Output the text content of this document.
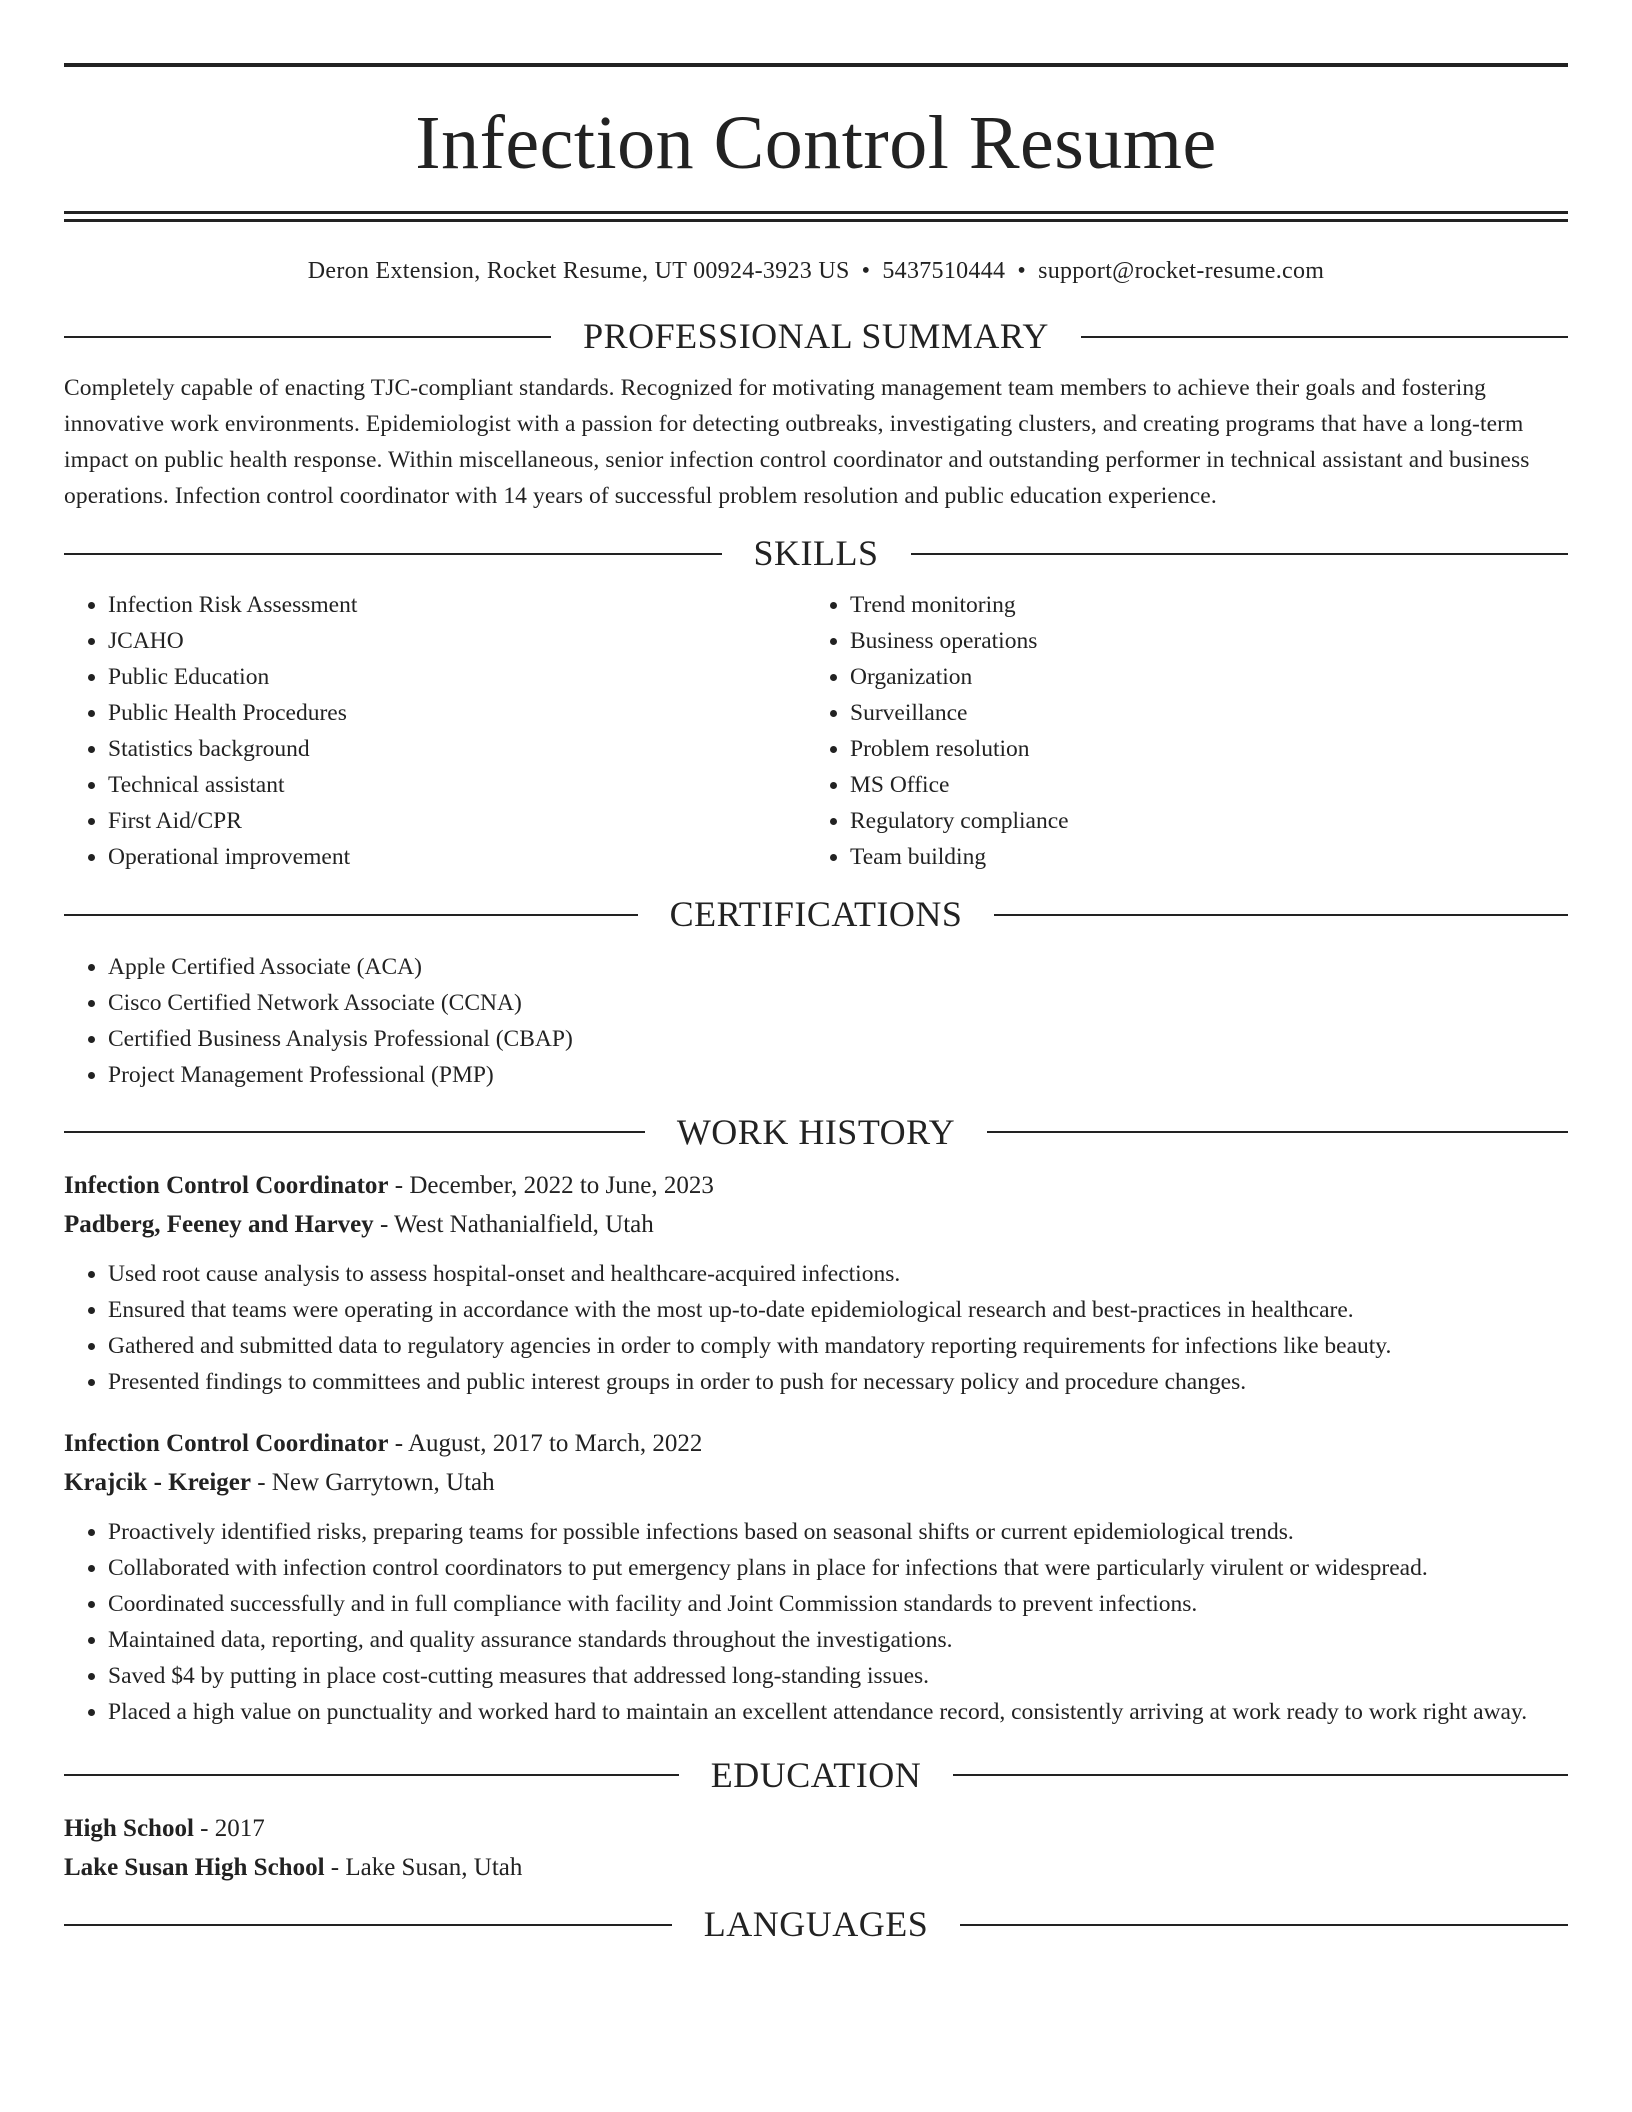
Infection Control Resume
Deron Extension, Rocket Resume, UT 00924-3923 US • 5437510444 • support@rocket-resume.com
PROFESSIONAL SUMMARY

Completely capable of enacting TJC-compliant standards. Recognized for motivating management team members to achieve their goals and fostering innovative work environments. Epidemiologist with a passion for detecting outbreaks, investigating clusters, and creating programs that have a long-term impact on public health response. Within miscellaneous, senior infection control coordinator and outstanding performer in technical assistant and business operations. Infection control coordinator with 14 years of successful problem resolution and public education experience.

SKILLS
• Infection Risk Assessment
• JCAHO
• Public Education
• Public Health Procedures
• Statistics background
• Technical assistant
• First Aid/CPR
• Operational improvement
• Trend monitoring
• Business operations
• Organization
• Surveillance
• Problem resolution
• MS Office
• Regulatory compliance
• Team building
CERTIFICATIONS
• Apple Certified Associate (ACA)
• Cisco Certified Network Associate (CCNA)
• Certified Business Analysis Professional (CBAP)
• Project Management Professional (PMP)
WORK HISTORY
Infection Control Coordinator - December, 2022 to June, 2023
Padberg, Feeney and Harvey - West Nathanialfield, Utah
• Used root cause analysis to assess hospital-onset and healthcare-acquired infections.
• Ensured that teams were operating in accordance with the most up-to-date epidemiological research and best-practices in healthcare.
• Gathered and submitted data to regulatory agencies in order to comply with mandatory reporting requirements for infections like beauty.
• Presented findings to committees and public interest groups in order to push for necessary policy and procedure changes.
Infection Control Coordinator - August, 2017 to March, 2022
Krajcik - Kreiger - New Garrytown, Utah
• Proactively identified risks, preparing teams for possible infections based on seasonal shifts or current epidemiological trends.
• Collaborated with infection control coordinators to put emergency plans in place for infections that were particularly virulent or widespread.
• Coordinated successfully and in full compliance with facility and Joint Commission standards to prevent infections.
• Maintained data, reporting, and quality assurance standards throughout the investigations.
• Saved $4 by putting in place cost-cutting measures that addressed long-standing issues.
• Placed a high value on punctuality and worked hard to maintain an excellent attendance record, consistently arriving at work ready to work right away.
EDUCATION
High School - 2017
Lake Susan High School - Lake Susan, Utah
LANGUAGES
